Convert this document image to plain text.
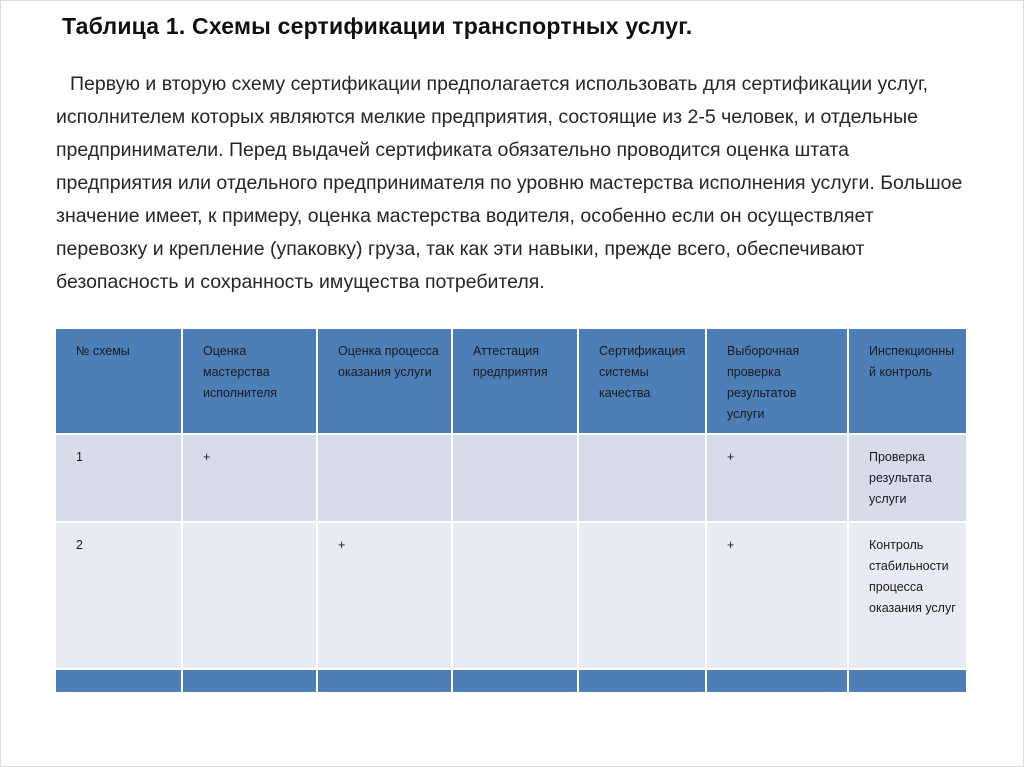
Таблица 1. Схемы сертификации транспортных услуг.

Первую и вторую схему сертификации предполагается использовать для сертификации услуг, исполнителем которых являются мелкие предприятия, состоящие из 2-5 человек, и отдельные предприниматели. Перед выдачей сертификата обязательно проводится оценка штата предприятия или отдельного предпринимателя по уровню мастерства исполнения услуги. Большое значение имеет, к примеру, оценка мастерства водителя, особенно если он осуществляет перевозку и крепление (упаковку) груза, так как эти навыки, прежде всего, обеспечивают безопасность и сохранность имущества потребителя.

№ схемы	Оценка мастерства исполнителя	Оценка процесса оказания услуги	Аттестация предприятия	Сертификация системы качества	Выборочная проверка результатов услуги	Инспекционный контроль
1	+				+	Проверка результата услуги
2		+			+	Контроль стабильности процесса оказания услуг
